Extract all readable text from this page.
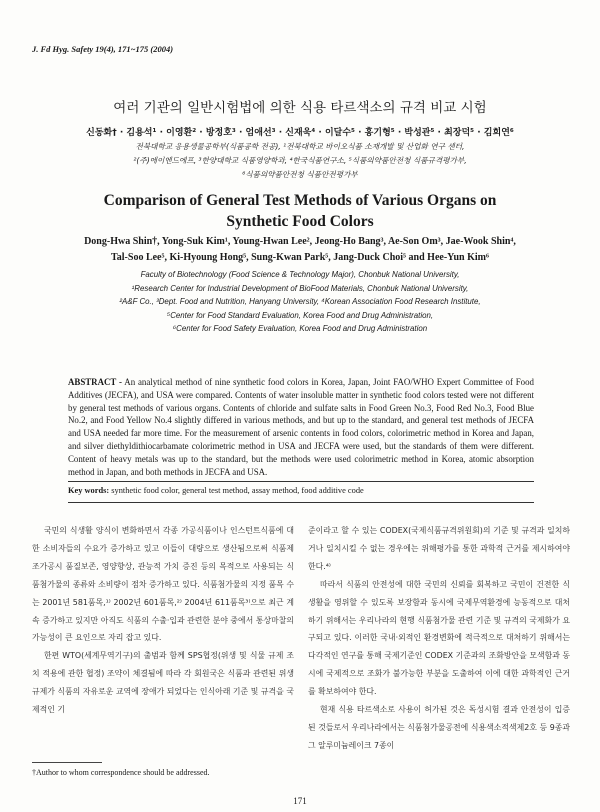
J. Fd Hyg. Safety 19(4), 171~175 (2004)
여러 기관의 일반시험법에 의한 식용 타르색소의 규격 비교 시험
신동화† · 김용석¹ · 이영환² · 방정호³ · 엄애선³ · 신재욱⁴ · 이달수⁵ · 홍기형⁵ · 박성관⁵ · 최장덕⁵ · 김희연⁶
전북대학교 응용생물공학부(식품공학 전공), ¹전북대학교 바이오식품 소재개발 및 산업화 연구 센터,
²(주)에이엔드에프, ³한양대학교 식품영양학과, ⁴한국식품연구소, ⁵식품의약품안전청 식품규격평가부,
⁶식품의약품안전청 식품안전평가부
Comparison of General Test Methods of Various Organs on
Synthetic Food Colors
Dong-Hwa Shin†, Yong-Suk Kim¹, Young-Hwan Lee², Jeong-Ho Bang³, Ae-Son Om³, Jae-Wook Shin⁴,
Tal-Soo Lee⁵, Ki-Hyoung Hong⁵, Sung-Kwan Park⁵, Jang-Duck Choi⁵ and Hee-Yun Kim⁶
Faculty of Biotechnology (Food Science & Technology Major), Chonbuk National University,
¹Research Center for Industrial Development of BioFood Materials, Chonbuk National University,
²A&F Co., ³Dept. Food and Nutrition, Hanyang University, ⁴Korean Association Food Research Institute,
⁵Center for Food Standard Evaluation, Korea Food and Drug Administration,
⁶Center for Food Safety Evaluation, Korea Food and Drug Administration
ABSTRACT - An analytical method of nine synthetic food colors in Korea, Japan, Joint FAO/WHO Expert Committee of Food Additives (JECFA), and USA were compared. Contents of water insoluble matter in synthetic food colors tested were not different by general test methods of various organs. Contents of chloride and sulfate salts in Food Green No.3, Food Red No.3, Food Blue No.2, and Food Yellow No.4 slightly differed in various methods, and but up to the standard, and general test methods of JECFA and USA needed far more time. For the measurement of arsenic contents in food colors, colorimetric method in Korea and Japan, and silver diethyldithiocarbamate colorimetric method in USA and JECFA were used, but the standards of them were different. Content of heavy metals was up to the standard, but the methods were used colorimetric method in Korea, atomic absorption method in Japan, and both methods in JECFA and USA.
Key words: synthetic food color, general test method, assay method, food additive code

국민의 식생활 양식이 변화하면서 각종 가공식품이나 인스턴트식품에 대한 소비자들의 수요가 증가하고 있고 이들이 대량으로 생산됨으로써 식품제조가공시 품질보존, 영양향상, 관능적 가치 증진 등의 목적으로 사용되는 식품첨가물의 종류와 소비량이 점차 증가하고 있다. 식품첨가물의 지정 품목 수는 2001년 581품목,¹⁾ 2002년 601품목,²⁾ 2004년 611품목³⁾으로 최근 계속 증가하고 있지만 아직도 식품의 수출·입과 관련한 분야 중에서 통상마찰의 가능성이 큰 요인으로 자리 잡고 있다.

한편 WTO(세계무역기구)의 출범과 함께 SPS협정(위생 및 식물 규제 조치 적용에 관한 협정) 조약이 체결됨에 따라 각 회원국은 식품과 관련된 위생규제가 식품의 자유로운 교역에 장애가 되었다는 인식아래 기준 및 규격을 국제적인 기

준이라고 할 수 있는 CODEX(국제식품규격위원회)의 기준 및 규격과 일치하거나 일치시킬 수 없는 경우에는 위해평가를 통한 과학적 근거를 제시하여야 한다.⁴⁾

따라서 식품의 안전성에 대한 국민의 신뢰를 회복하고 국민이 건전한 식생활을 영위할 수 있도록 보장함과 동시에 국제무역환경에 능동적으로 대처하기 위해서는 우리나라의 현행 식품첨가물 관련 기준 및 규격의 국제화가 요구되고 있다. 이러한 국내·외적인 환경변화에 적극적으로 대처하기 위해서는 다각적인 연구를 통해 국제기준인 CODEX 기준과의 조화방안을 모색함과 동시에 국제적으로 조화가 불가능한 부분을 도출하여 이에 대한 과학적인 근거를 확보하여야 한다.

현재 식용 타르색소로 사용이 허가된 것은 독성시험 결과 안전성이 입증된 것들로서 우리나라에서는 식품첨가물공전에 식용색소적색제2호 등 9종과 그 알루미늄레이크 7종이

†Author to whom correspondence should be addressed.
171
